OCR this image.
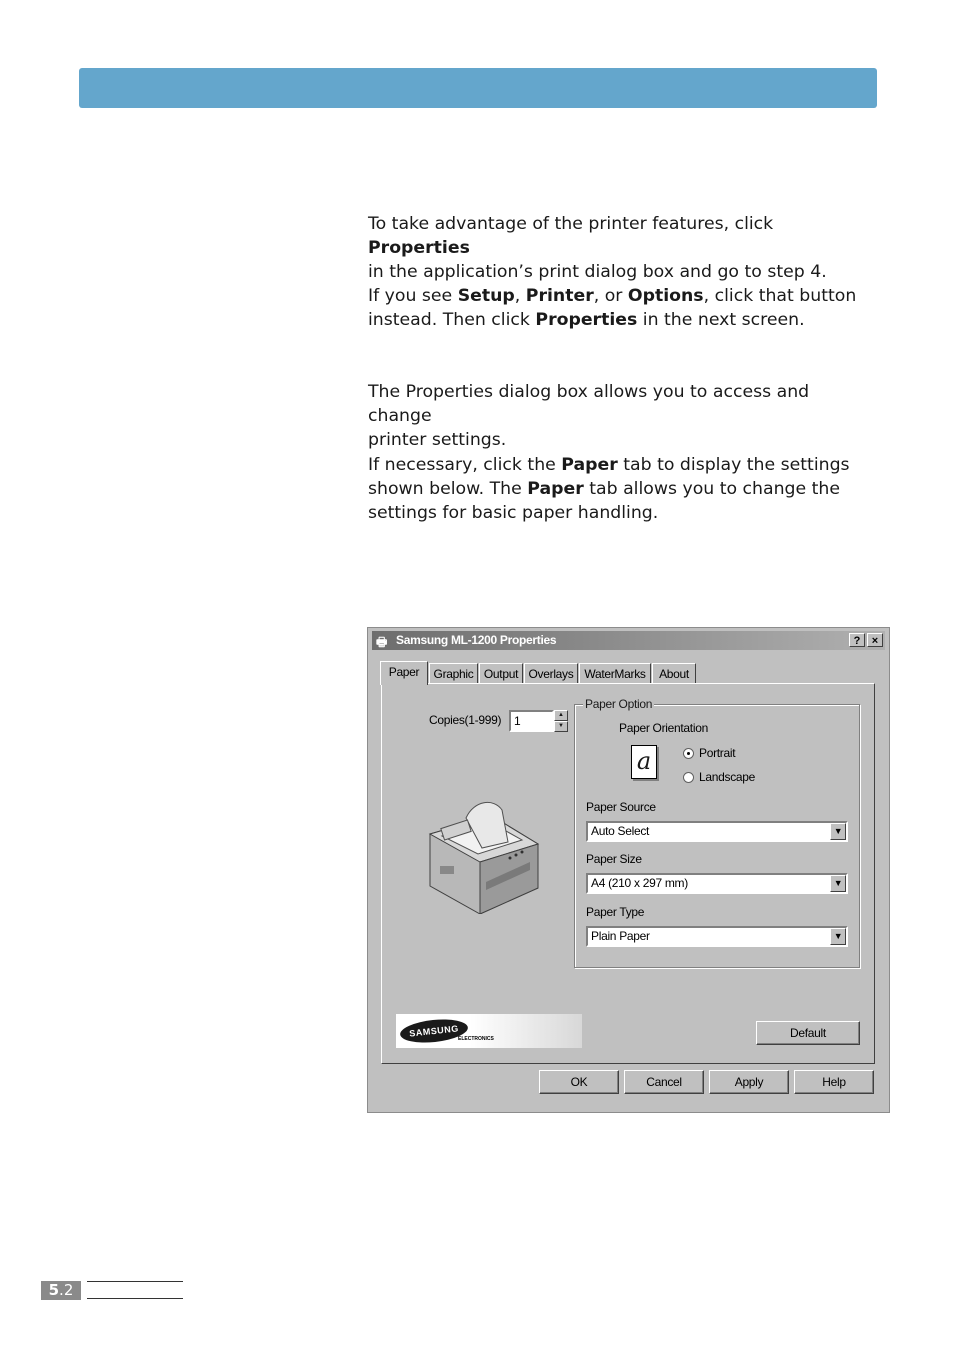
To take advantage of the printer features, click Properties
in the application’s print dialog box and go to step 4.

If you see Setup, Printer, or Options, click that button
instead. Then click Properties in the next screen.

The Properties dialog box allows you to access and change
printer settings.

If necessary, click the Paper tab to display the settings
shown below. The Paper tab allows you to change the
settings for basic paper handling.

🖶 Samsung ML-1200 Properties	?	×
Paper	Graphic Output Overlays WaterMarks	About
Copies(1-999)	1	▲
▼
Paper Option
Paper Orientation
a	Portrait
Landscape
Paper Source
Auto Select	▼
Paper Size
A4 (210 x 297 mm)	▼
Paper Type
Plain Paper	▼
SAMSUNG
ELECTRONICS	Default
OK	Cancel	Apply	Help
5.2
